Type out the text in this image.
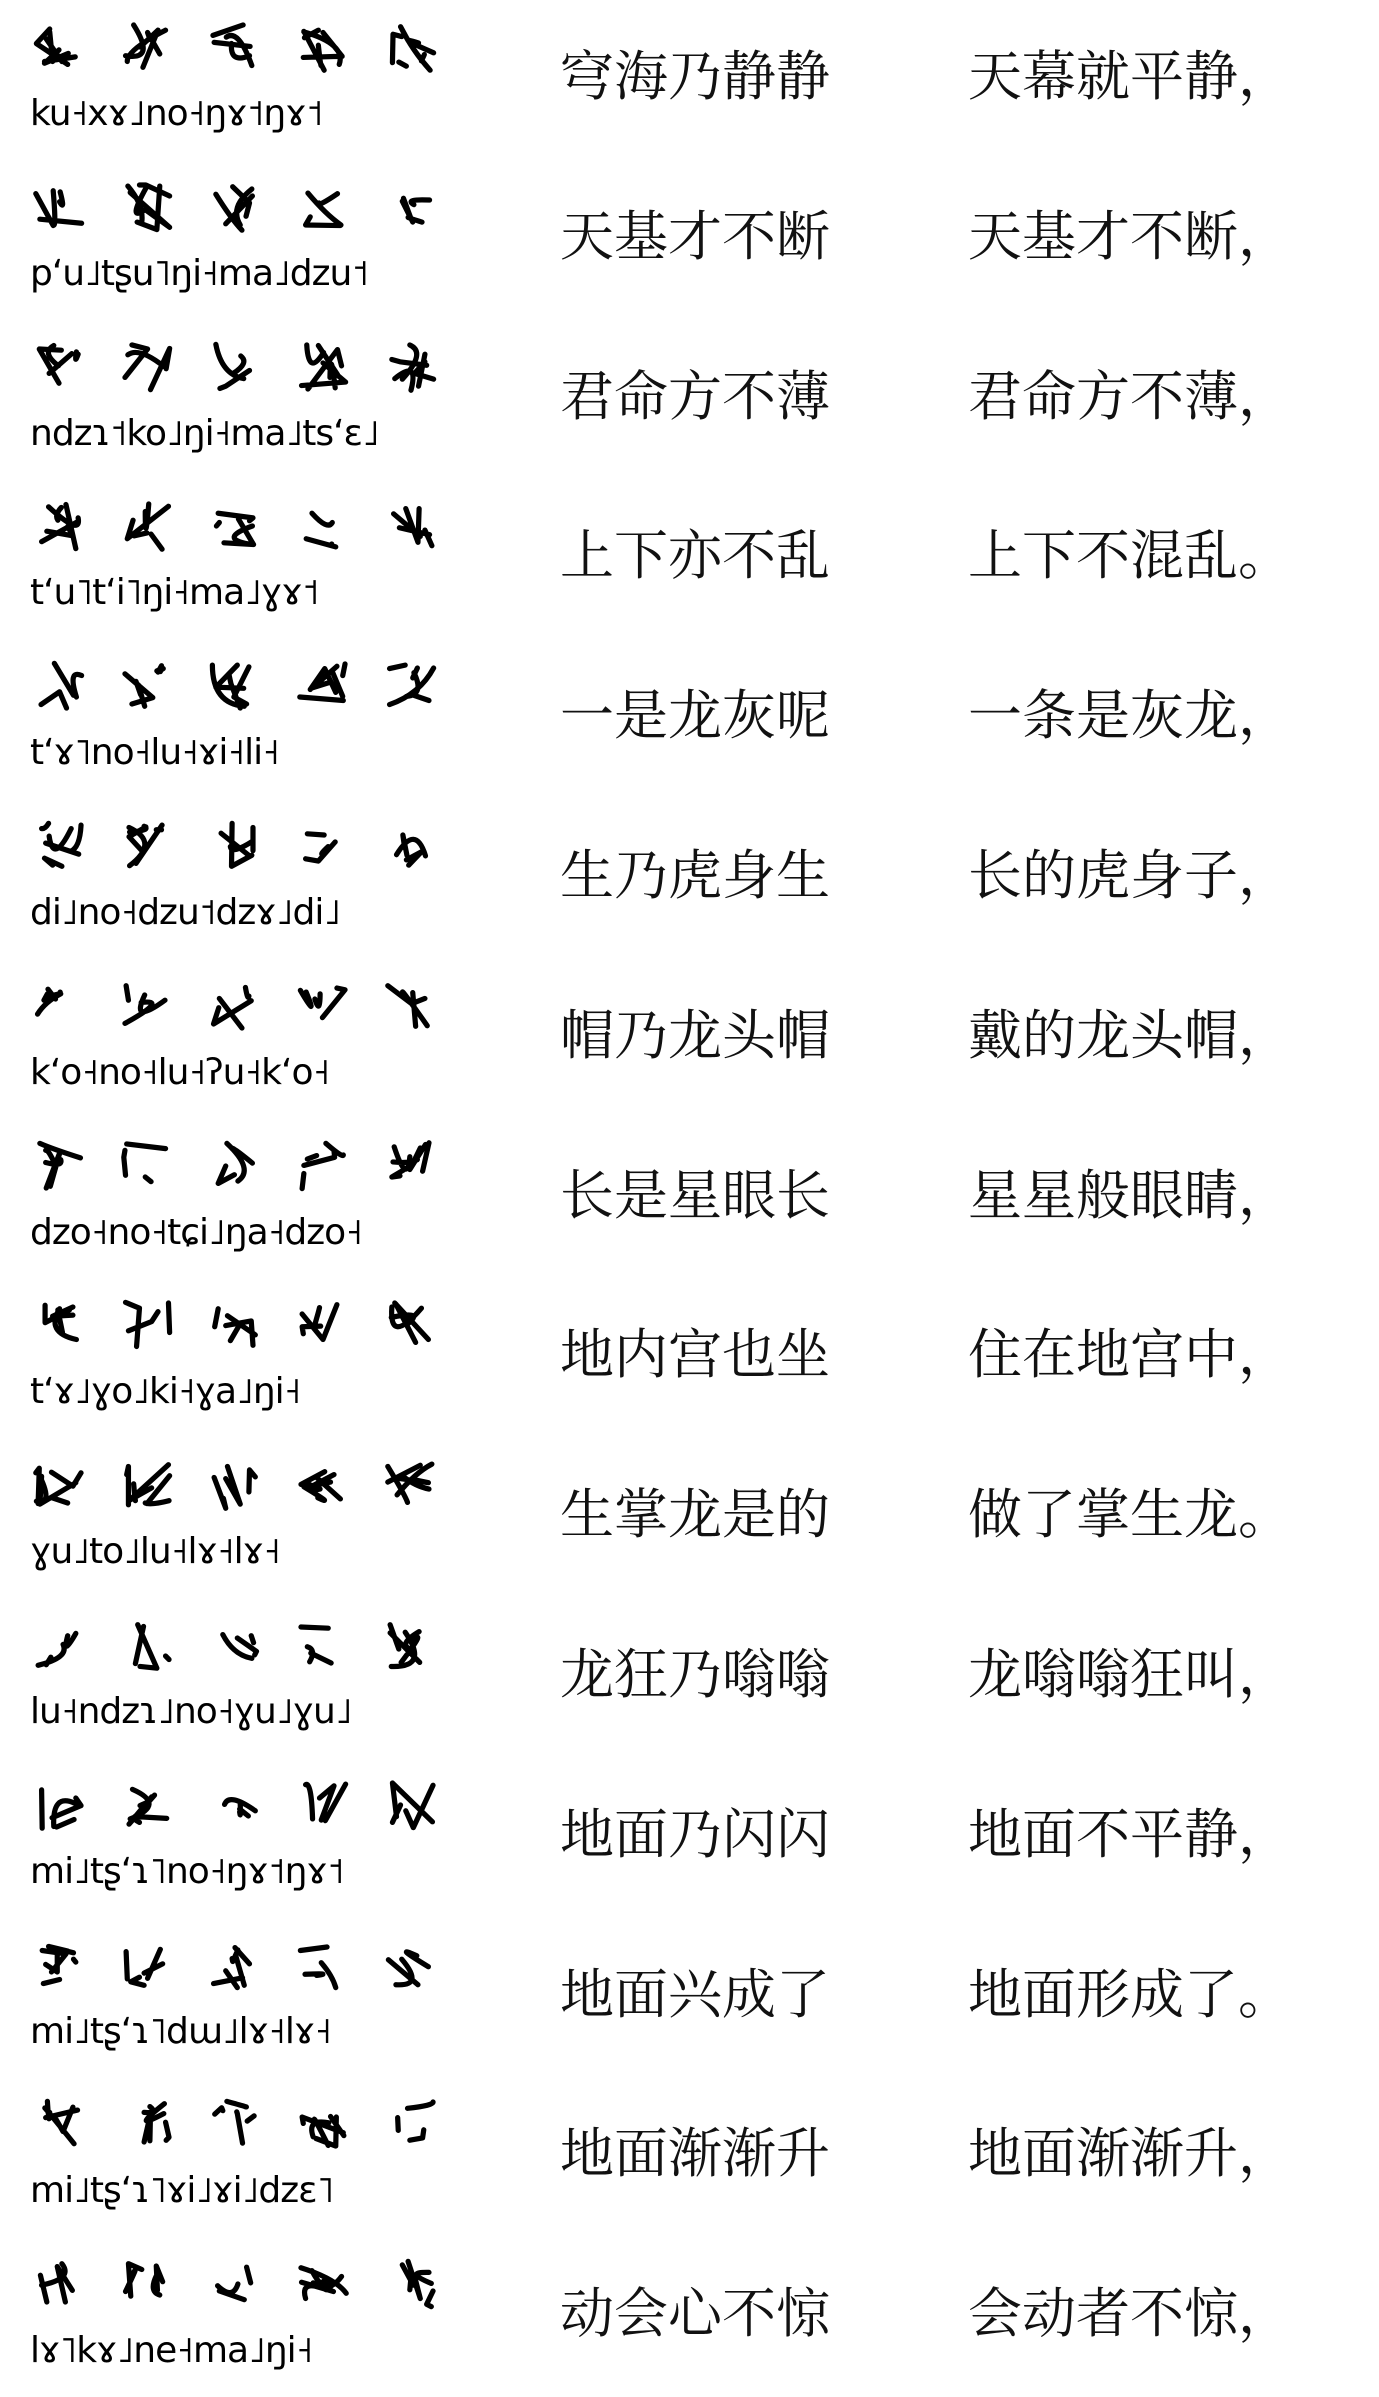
ku˧xɤ˩no˧ŋɤ˦ŋɤ˦
穹海乃静静	天幕就平静，
pʻu˩tʂu˥ŋi˧ma˩dzu˦
天基才不断	天基才不断，
ndzɿ˦ko˩ŋi˧ma˩tsʻɛ˩
君命方不薄	君命方不薄，
tʻu˥tʻi˥ŋi˧ma˩ɣɤ˦
上下亦不乱	上下不混乱。
tʻɤ˥no˧lu˧ɤi˧li˧
一是龙灰呢	一条是灰龙，
di˩no˧dzu˦dzɤ˩di˩
生乃虎身生	长的虎身子，
kʻo˧no˧lu˧ʔu˧kʻo˧
帽乃龙头帽	戴的龙头帽，
dzo˧no˧tɕi˩ŋa˧dzo˧
长是星眼长	星星般眼睛，
tʻɤ˩ɣo˩ki˧ɣa˩ŋi˧
地内宫也坐	住在地宫中，
ɣu˩to˩lu˧lɤ˧lɤ˧
生掌龙是的	做了掌生龙。
lu˧ndzɿ˩no˧ɣu˩ɣu˩
龙狂乃嗡嗡	龙嗡嗡狂叫，
mi˩tʂʻɿ˥no˧ŋɤ˦ŋɤ˦
地面乃闪闪	地面不平静，
mi˩tʂʻɿ˥dɯ˩lɤ˧lɤ˧
地面兴成了	地面形成了。
mi˩tʂʻɿ˥ɤi˩ɤi˩dzɛ˥
地面渐渐升	地面渐渐升，
lɤ˥kɤ˩ne˧ma˩ŋi˧
动会心不惊	会动者不惊，
